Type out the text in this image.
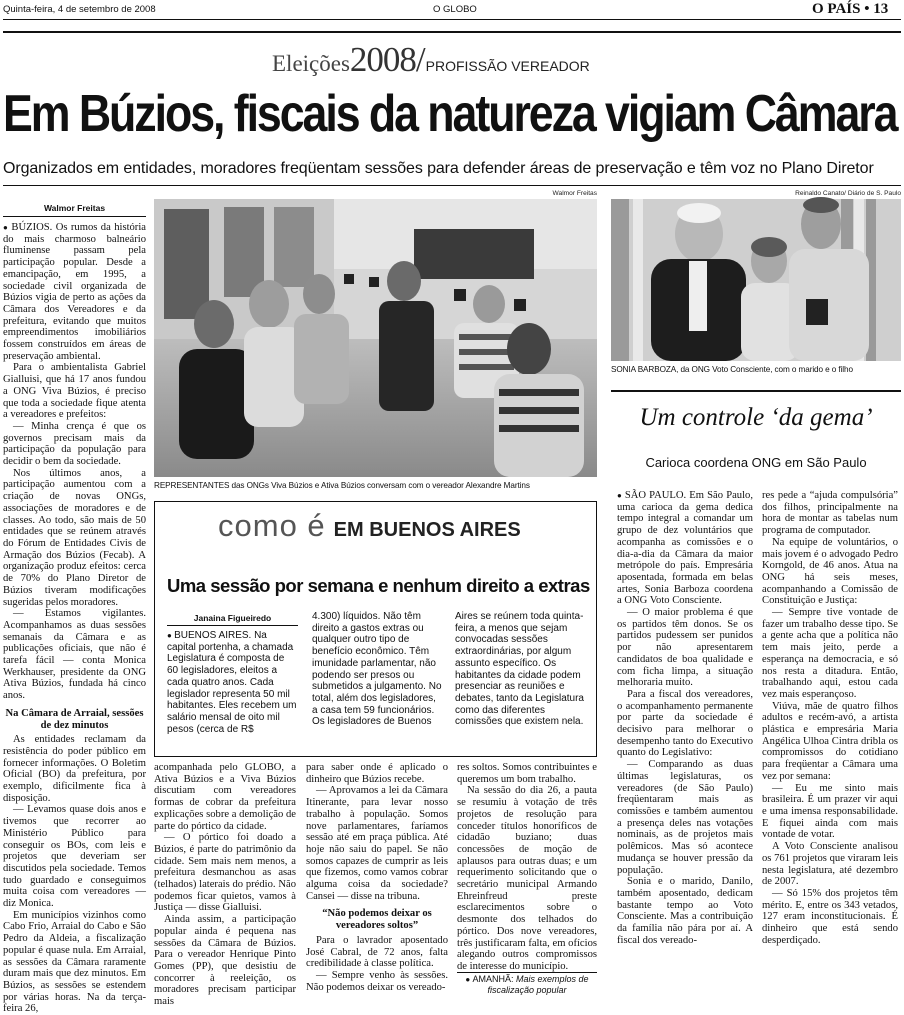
Quinta-feira, 4 de setembro de 2008	O GLOBO	O PAÍS • 13
Eleições2008/PROFISSÃO VEREADOR
Em Búzios, fiscais da natureza vigiam Câmara
Organizados em entidades, moradores freqüentam sessões para defender áreas de preservação e têm voz no Plano Diretor
Walmor Freitas

● BÚZIOS. Os rumos da história do mais charmoso balneário fluminense passam pela participação popular. Desde a emancipação, em 1995, a sociedade civil organizada de Búzios vigia de perto as ações da Câmara dos Vereadores e da prefeitura, evitando que muitos empreendimentos imobiliários fossem construídos em áreas de preservação ambiental.

Para o ambientalista Gabriel Gialluisi, que há 17 anos fundou a ONG Viva Búzios, é preciso que toda a sociedade fique atenta a vereadores e prefeitos:

— Minha crença é que os governos precisam mais da participação da população para decidir o bem da sociedade.

Nos últimos anos, a participação aumentou com a criação de novas ONGs, associações de moradores e de classes. Ao todo, são mais de 50 entidades que se reúnem através do Fórum de Entidades Civis de Armação dos Búzios (Fecab). A organização produz efeitos: cerca de 70% do Plano Diretor de Búzios tiveram modificações sugeridas pelos moradores.

— Estamos vigilantes. Acompanhamos as duas sessões semanais da Câmara e as publicações oficiais, que não é tarefa fácil — conta Monica Werkhauser, presidente da ONG Ativa Búzios, fundada há cinco anos.

Na Câmara de Arraial, sessões de dez minutos

As entidades reclamam da resistência do poder público em fornecer informações. O Boletim Oficial (BO) da prefeitura, por exemplo, dificilmente fica à disposição.

— Levamos quase dois anos e tivemos que recorrer ao Ministério Público para conseguir os BOs, com leis e projetos que deveriam ser discutidos pela sociedade. Temos tudo guardado e conseguimos muita coisa com vereadores — diz Monica.

Em municípios vizinhos como Cabo Frio, Arraial do Cabo e São Pedro da Aldeia, a fiscalização popular é quase nula. Em Arraial, as sessões da Câmara raramente duram mais que dez minutos. Em Búzios, as sessões se estendem por várias horas. Na da terça-feira 26,

Walmor Freitas
REPRESENTANTES das ONGs Viva Búzios e Ativa Búzios conversam com o vereador Alexandre Martins
Reinaldo Canato/ Diário de S. Paulo
SONIA BARBOZA, da ONG Voto Consciente, com o marido e o filho
como é EM BUENOS AIRES
Uma sessão por semana e nenhum direito a extras
Janaina Figueiredo
● BUENOS AIRES. Na capital portenha, a chamada Legislatura é composta de 60 legisladores, eleitos a cada quatro anos. Cada legislador representa 50 mil habitantes. Eles recebem um salário mensal de oito mil pesos (cerca de R$
4.300) líquidos. Não têm direito a gastos extras ou qualquer outro tipo de benefício econômico. Têm imunidade parlamentar, não podendo ser presos ou submetidos a julgamento. No total, além dos legisladores, a casa tem 59 funcionários. Os legisladores de Buenos
Aires se reúnem toda quinta-feira, a menos que sejam convocadas sessões extraordinárias, por algum assunto específico. Os habitantes da cidade podem presenciar as reuniões e debates, tanto da Legislatura como das diferentes comissões que existem nela.

acompanhada pelo GLOBO, a Ativa Búzios e a Viva Búzios discutiam com vereadores formas de cobrar da prefeitura explicações sobre a demolição de parte do pórtico da cidade.

— O pórtico foi doado a Búzios, é parte do patrimônio da cidade. Sem mais nem menos, a prefeitura desmanchou as asas (telhados) laterais do prédio. Não podemos ficar quietos, vamos à Justiça — disse Gialluisi.

Ainda assim, a participação popular ainda é pequena nas sessões da Câmara de Búzios. Para o vereador Henrique Pinto Gomes (PP), que desistiu de concorrer à reeleição, os moradores precisam participar mais

para saber onde é aplicado o dinheiro que Búzios recebe.

— Aprovamos a lei da Câmara Itinerante, para levar nosso trabalho à população. Somos nove parlamentares, faríamos sessão até em praça pública. Até hoje não saiu do papel. Se não somos capazes de cumprir as leis que fizemos, como vamos cobrar alguma coisa da sociedade? Cansei — disse na tribuna.

“Não podemos deixar os vereadores soltos”

Para o lavrador aposentado José Cabral, de 72 anos, falta credibilidade à classe política.

— Sempre venho às sessões. Não podemos deixar os vereado-

res soltos. Somos contribuintes e queremos um bom trabalho.

Na sessão do dia 26, a pauta se resumiu à votação de três projetos de resolução para conceder títulos honoríficos de cidadão buziano; duas concessões de moção de aplausos para outras duas; e um requerimento solicitando que o secretário municipal Armando Ehreinfreud preste esclarecimentos sobre o desmonte dos telhados do pórtico. Dos nove vereadores, três justificaram falta, em ofícios alegando outros compromissos de interesse do município.

● AMANHÃ: Mais exemplos de fiscalização popular
Um controle ‘da gema’
Carioca coordena ONG em São Paulo

● SÃO PAULO. Em São Paulo, uma carioca da gema dedica tempo integral a comandar um grupo de dez voluntários que acompanha as comissões e o dia-a-dia da Câmara da maior metrópole do país. Empresária aposentada, formada em belas artes, Sonia Barboza coordena a ONG Voto Consciente.

— O maior problema é que os partidos têm donos. Se os partidos pudessem ser punidos por não apresentarem candidatos de boa qualidade e com ficha limpa, a situação melhoraria muito.

Para a fiscal dos vereadores, o acompanhamento permanente por parte da sociedade é decisivo para melhorar o desempenho tanto do Executivo quanto do Legislativo:

— Comparando as duas últimas legislaturas, os vereadores (de São Paulo) freqüentaram mais as comissões e também aumentou a presença deles nas votações nominais, as de projetos mais polêmicos. Mas só acontece mudança se houver pressão da população.

Sonia e o marido, Danilo, também aposentado, dedicam bastante tempo ao Voto Consciente. Mas a contribuição da família não pára por aí. A fiscal dos vereado-

res pede a “ajuda compulsória” dos filhos, principalmente na hora de montar as tabelas num programa de computador.

Na equipe de voluntários, o mais jovem é o advogado Pedro Korngold, de 46 anos. Atua na ONG há seis meses, acompanhando a Comissão de Constituição e Justiça:

— Sempre tive vontade de fazer um trabalho desse tipo. Se a gente acha que a política não tem mais jeito, perde a esperança na democracia, e só nos resta a ditadura. Então, trabalhando aqui, estou cada vez mais esperançoso.

Viúva, mãe de quatro filhos adultos e recém-avó, a artista plástica e empresária Maria Angélica Ulhoa Cintra dribla os compromissos do cotidiano para freqüentar a Câmara uma vez por semana:

— Eu me sinto mais brasileira. É um prazer vir aqui e uma imensa responsabilidade. E fiquei ainda com mais vontade de votar.

A Voto Consciente analisou os 761 projetos que viraram leis nesta legislatura, até dezembro de 2007.

— Só 15% dos projetos têm mérito. E, entre os 343 vetados, 127 eram inconstitucionais. É dinheiro que está sendo desperdiçado.
